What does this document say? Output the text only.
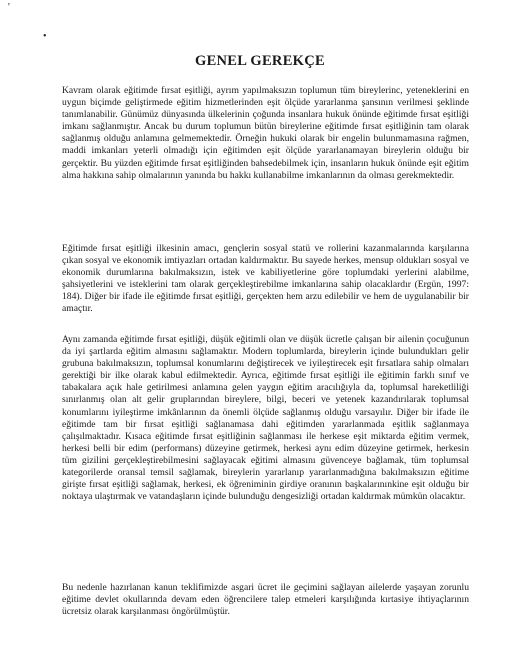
'
•
GENEL GEREKÇE

Kavram olarak eğitimde fırsat eşitliği, ayrım yapılmaksızın toplumun tüm bireylerinc, yeteneklerini en uygun biçimde geliştirmede eğitim hizmetlerinden eşit ölçüde yararlanma şansının verilmesi şeklinde tanımlanabilir. Günümüz dünyasında ülkelerinin çoğunda insanlara hukuk önünde eğitimde fırsat eşitliği imkanı sağlanmıştır. Ancak bu durum toplumun bütün bireylerine eğitimde fırsat eşitliğinin tam olarak sağlanmış olduğu anlamına gelmemektedir. Örneğin hukuki olarak bir engelin bulunmamasına rağmen, maddi imkanları yeterli olmadığı için eğitimden eşit ölçüde yararlanamayan bireylerin olduğu bir gerçektir. Bu yüzden eğitimde fırsat eşitliğinden bahsedebilmek için, insanların hukuk önünde eşit eğitim alma hakkına sahip olmalarının yanında bu hakkı kullanabilme imkanlarının da olması gerekmektedir.

Eğitimde fırsat eşitliği ilkesinin amacı, gençlerin sosyal statü ve rollerini kazanmalarında karşılarına çıkan sosyal ve ekonomik imtiyazları ortadan kaldırmaktır. Bu sayede herkes, mensup oldukları sosyal ve ekonomik durumlarına bakılmaksızın, istek ve kabiliyetlerine göre toplumdaki yerlerini alabilme, şahsiyetlerini ve isteklerini tam olarak gerçekleştirebilme imkanlarına sahip olacaklardır (Ergün, 1997: 184). Diğer bir ifade ile eğitimde fırsat eşitliği, gerçekten hem arzu edilebilir ve hem de uygulanabilir bir amaçtır.

Aynı zamanda eğitimde fırsat eşitliği, düşük eğitimli olan ve düşük ücretle çalışan bir ailenin çocuğunun da iyi şartlarda eğitim almasını sağlamaktır. Modern toplumlarda, bireylerin içinde bulundukları gelir grubuna bakılmaksızın, toplumsal konumlarını değiştirecek ve iyileştirecek eşit fırsatlara sahip olmaları gerektiği bir ilke olarak kabul edilmektedir. Ayrıca, eğitimde fırsat eşitliği ile eğitimin farklı sınıf ve tabakalara açık hale getirilmesi anlamına gelen yaygın eğitim aracılığıyla da, toplumsal hareketliliği sınırlanmış olan alt gelir gruplarından bireylere, bilgi, beceri ve yetenek kazandırılarak toplumsal konumlarını iyileştirme imkânlarının da önemli ölçüde sağlanmış olduğu varsayılır. Diğer bir ifade ile eğitimde tam bir fırsat eşitliği sağlanamasa dahi eğitimden yararlanmada eşitlik sağlanmaya çalışılmaktadır. Kısaca eğitimde fırsat eşitliğinin sağlanması ile herkese eşit miktarda eğitim vermek, herkesi belli bir edim (performans) düzeyine getirmek, herkesi aynı edim düzeyine getirmek, herkesin tüm gizilini gerçekleştirebilmesini sağlayacak eğitimi almasını güvenceye bağlamak, tüm toplumsal kategorilerde oransal temsil sağlamak, bireylerin yararlanıp yararlanmadığına bakılmaksızın eğitime girişte fırsat eşitliği sağlamak, herkesi, ek öğreniminin girdiye oranının başkalarınınkine eşit olduğu bir noktaya ulaştırmak ve vatandaşların içinde bulunduğu dengesizliği ortadan kaldırmak mümkün olacaktır.

Bu nedenle hazırlanan kanun teklifimizde asgari ücret ile geçimini sağlayan ailelerde yaşayan zorunlu eğitime devlet okullarında devam eden öğrencilere talep etmeleri karşılığında kırtasiye ihtiyaçlarının ücretsiz olarak karşılanması öngörülmüştür.
